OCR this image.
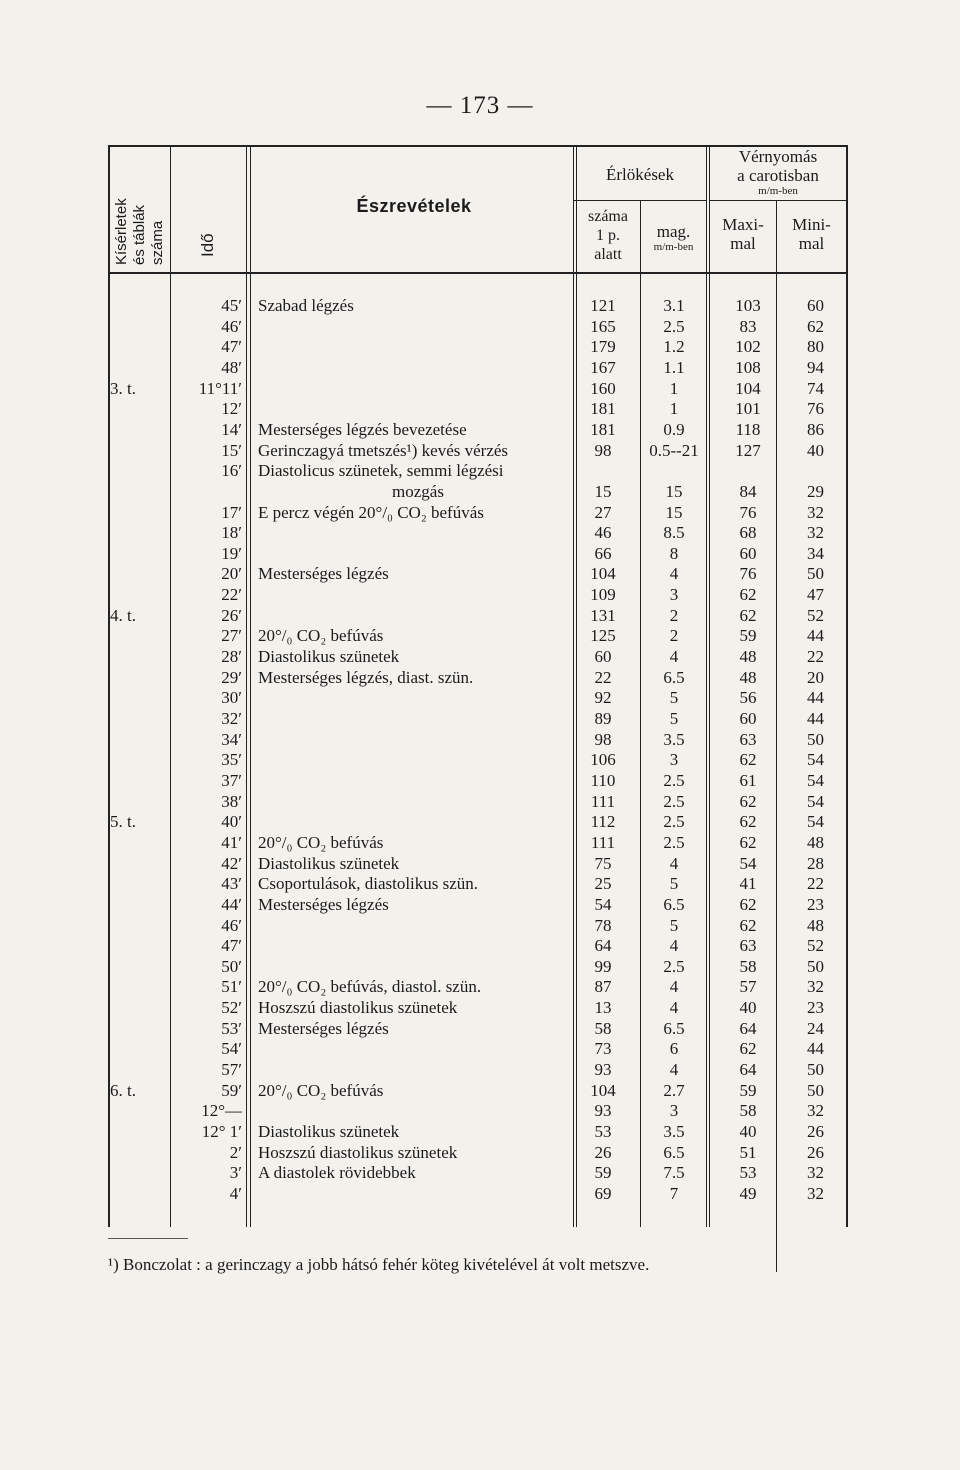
— 173 —
Kísérletek és táblák száma Idő
Észrevételek
Érlökések
száma
1 p.
alatt
mag.
m/m-ben
Vérnyomás
a carotisban
m/m-ben
Maxi-
mal
Mini-
mal
45′ Szabad légzés	121	3.1	103	60
46′	165	2.5	83	62
47′	179	1.2	102	80
48′	167	1.1	108	94
3. t.	11°11′	160	1	104	74
12′	181	1	101	76
14′ Mesterséges légzés bevezetése	181	0.9	118	86
15′ Gerinczagyá tmetszés¹) kevés vérzés	98	0.5--21	127	40
16′ Diastolicus szünetek, semmi légzési
mozgás	15	15	84	29
17′ E percz végén 20°/₀ CO₂ befúvás	27	15	76	32
18′	46	8.5	68	32
19′	66	8	60	34
20′ Mesterséges légzés	104	4	76	50
22′	109	3	62	47
4. t.	26′	131	2	62	52
27′ 20°/₀ CO₂ befúvás	125	2	59	44
28′ Diastolikus szünetek	60	4	48	22
29′ Mesterséges légzés, diast. szün.	22	6.5	48	20
30′	92	5	56	44
32′	89	5	60	44
34′	98	3.5	63	50
35′	106	3	62	54
37′	110	2.5	61	54
38′	111	2.5	62	54
5. t.	40′	112	2.5	62	54
41′ 20°/₀ CO₂ befúvás	111	2.5	62	48
42′ Diastolikus szünetek	75	4	54	28
43′ Csoportulások, diastolikus szün.	25	5	41	22
44′ Mesterséges légzés	54	6.5	62	23
46′	78	5	62	48
47′	64	4	63	52
50′	99	2.5	58	50
51′ 20°/₀ CO₂ befúvás, diastol. szün.	87	4	57	32
52′ Hoszszú diastolikus szünetek	13	4	40	23
53′ Mesterséges légzés	58	6.5	64	24
54′	73	6	62	44
57′	93	4	64	50
6. t.	59′ 20°/₀ CO₂ befúvás	104	2.7	59	50
12°—	93	3	58	32
12° 1′ Diastolikus szünetek	53	3.5	40	26
2′ Hoszszú diastolikus szünetek	26	6.5	51	26
3′ A diastolek rövidebbek	59	7.5	53	32
4′	69	7	49	32
¹) Bonczolat : a gerinczagy a jobb hátsó fehér köteg kivételével át volt metszve.
